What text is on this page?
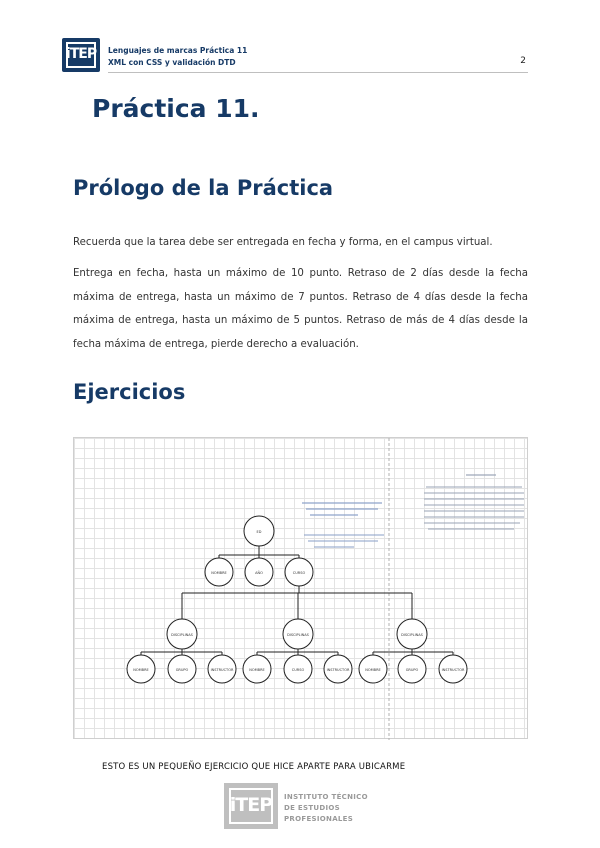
iTEP	Lenguajes de marcas Práctica 11
XML con CSS y validación DTD	2
Práctica 11.
Prólogo de la Práctica

Recuerda que la tarea debe ser entregada en fecha y forma, en el campus virtual.

Entrega en fecha, hasta un máximo de 10 punto. Retraso de 2 días desde la fecha máxima de entrega, hasta un máximo de 7 puntos. Retraso de 4 días desde la fecha máxima de entrega, hasta un máximo de 5 puntos. Retraso de más de 4 días desde la fecha máxima de entrega, pierde derecho a evaluación.

Ejercicios
ED
NOMBRE	AÑO	CURSO
DISCIPLINAS	DISCIPLINAS	DISCIPLINAS
NOMBRE	GRUPO	INSTRUCTOR	NOMBRE	CURSO	INSTRUCTOR	NOMBRE	GRUPO	INSTRUCTOR
ESTO ES UN PEQUEÑO EJERCICIO QUE HICE APARTE PARA UBICARME
iTEP	INSTITUTO TÉCNICO
DE ESTUDIOS
PROFESIONALES
